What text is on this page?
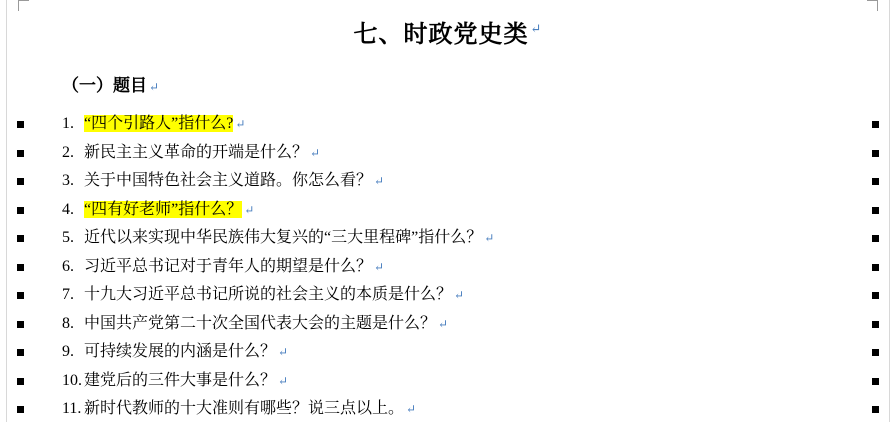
七、时政党史类 ↵
（一）题目 ↵
1. “四个引路人”指什么? ↵
2. 新民主主义革命的开端是什么？ ↵
3. 关于中国特色社会主义道路。你怎么看？ ↵
4. “四有好老师”指什么？ ↵
5. 近代以来实现中华民族伟大复兴的“三大里程碑”指什么？ ↵
6. 习近平总书记对于青年人的期望是什么？ ↵
7. 十九大习近平总书记所说的社会主义的本质是什么？ ↵
8. 中国共产党第二十次全国代表大会的主题是什么？ ↵
9. 可持续发展的内涵是什么？ ↵
10. 建党后的三件大事是什么？ ↵
11. 新时代教师的十大准则有哪些？说三点以上。 ↵
